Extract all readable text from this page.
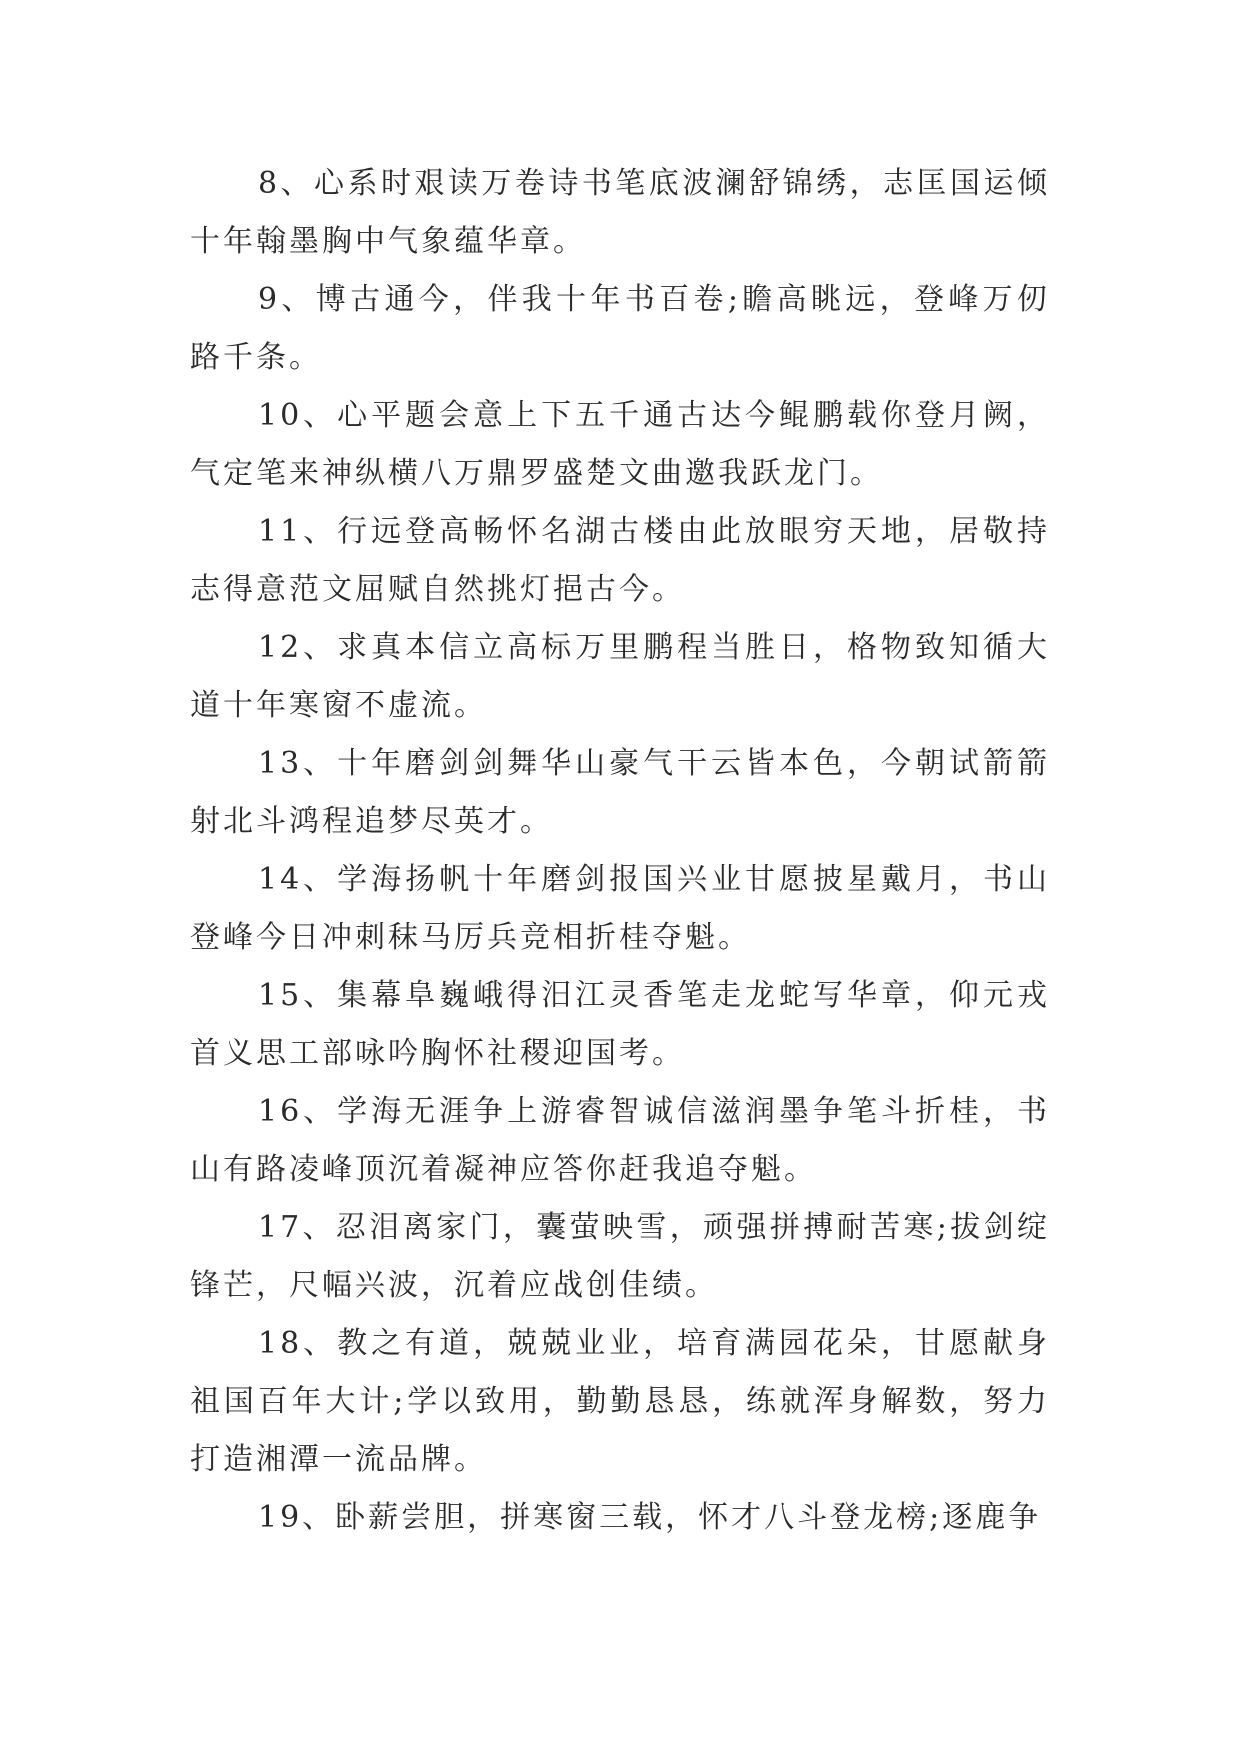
8、心系时艰读万卷诗书笔底波澜舒锦绣，志匡国运倾十年翰墨胸中气象蕴华章。

9、博古通今，伴我十年书百卷;瞻高眺远，登峰万仞路千条。

10、心平题会意上下五千通古达今鲲鹏载你登月阙，气定笔来神纵横八万鼎罗盛楚文曲邀我跃龙门。

11、行远登高畅怀名湖古楼由此放眼穷天地，居敬持志得意范文屈赋自然挑灯挹古今。

12、求真本信立高标万里鹏程当胜日，格物致知循大道十年寒窗不虚流。

13、十年磨剑剑舞华山豪气干云皆本色，今朝试箭箭射北斗鸿程追梦尽英才。

14、学海扬帆十年磨剑报国兴业甘愿披星戴月，书山登峰今日冲刺秣马厉兵竞相折桂夺魁。

15、集幕阜巍峨得汨江灵香笔走龙蛇写华章，仰元戎首义思工部咏吟胸怀社稷迎国考。

16、学海无涯争上游睿智诚信滋润墨争笔斗折桂，书山有路凌峰顶沉着凝神应答你赶我追夺魁。

17、忍泪离家门，囊萤映雪，顽强拼搏耐苦寒;拔剑绽锋芒，尺幅兴波，沉着应战创佳绩。

18、教之有道，兢兢业业，培育满园花朵，甘愿献身祖国百年大计;学以致用，勤勤恳恳，练就浑身解数，努力打造湘潭一流品牌。

19、卧薪尝胆，拼寒窗三载，怀才八斗登龙榜;逐鹿争
